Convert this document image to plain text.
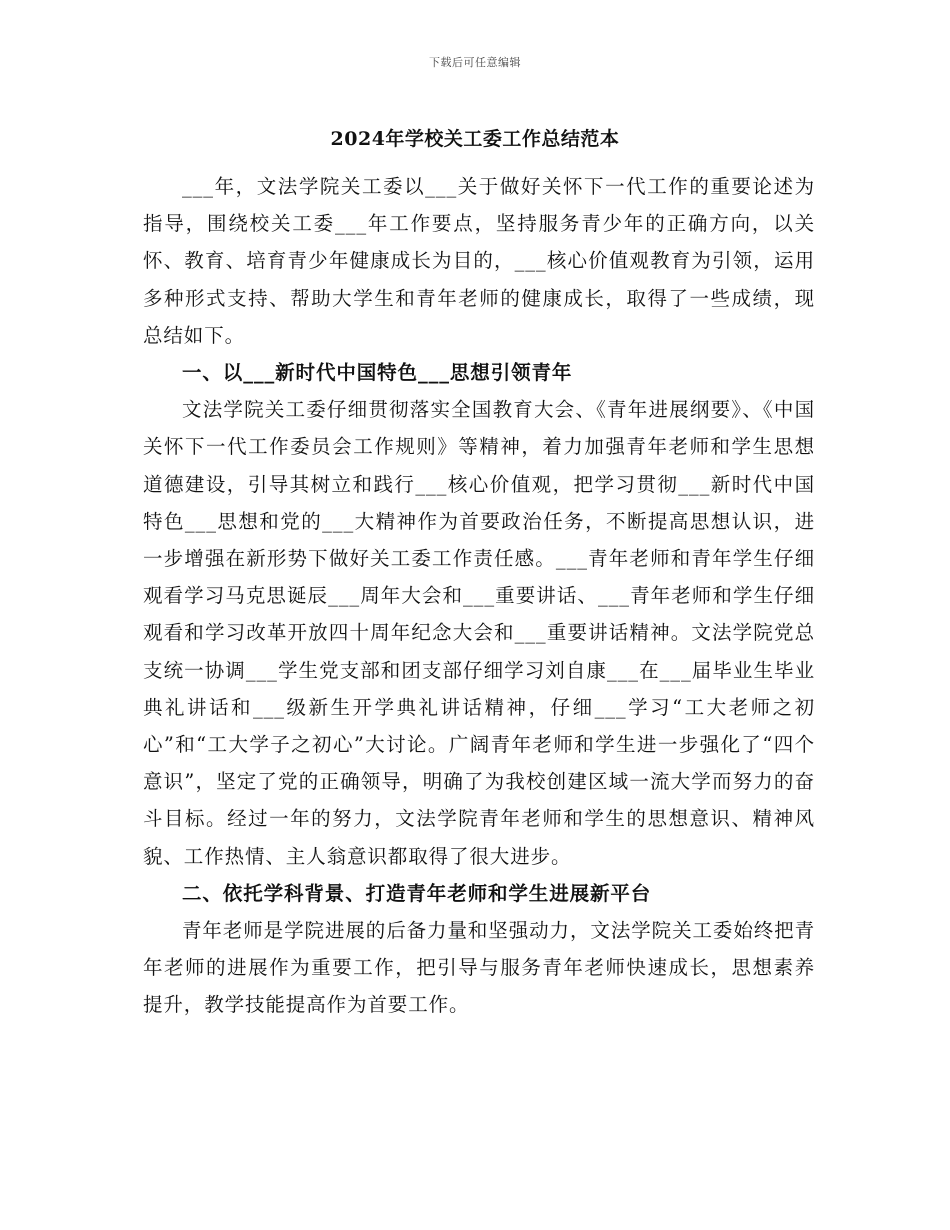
下载后可任意编辑
2024年学校关工委工作总结范本

___年，文法学院关工委以___关于做好关怀下一代工作的重要论述为指导，围绕校关工委___年工作要点，坚持服务青少年的正确方向，以关怀、教育、培育青少年健康成长为目的，___核心价值观教育为引领，运用多种形式支持、帮助大学生和青年老师的健康成长，取得了一些成绩，现总结如下。

一、以___新时代中国特色___思想引领青年

文法学院关工委仔细贯彻落实全国教育大会、《青年进展纲要》、《中国关怀下一代工作委员会工作规则》等精神，着力加强青年老师和学生思想道德建设，引导其树立和践行___核心价值观，把学习贯彻___新时代中国特色___思想和党的___大精神作为首要政治任务，不断提高思想认识，进一步增强在新形势下做好关工委工作责任感。___青年老师和青年学生仔细观看学习马克思诞辰___周年大会和___重要讲话、___青年老师和学生仔细观看和学习改革开放四十周年纪念大会和___重要讲话精神。文法学院党总支统一协调___学生党支部和团支部仔细学习刘自康___在___届毕业生毕业典礼讲话和___级新生开学典礼讲话精神，仔细___学习“工大老师之初心”和“工大学子之初心”大讨论。广阔青年老师和学生进一步强化了“四个意识”，坚定了党的正确领导，明确了为我校创建区域一流大学而努力的奋斗目标。经过一年的努力，文法学院青年老师和学生的思想意识、精神风貌、工作热情、主人翁意识都取得了很大进步。

二、依托学科背景、打造青年老师和学生进展新平台

青年老师是学院进展的后备力量和坚强动力，文法学院关工委始终把青年老师的进展作为重要工作，把引导与服务青年老师快速成长，思想素养提升，教学技能提高作为首要工作。
